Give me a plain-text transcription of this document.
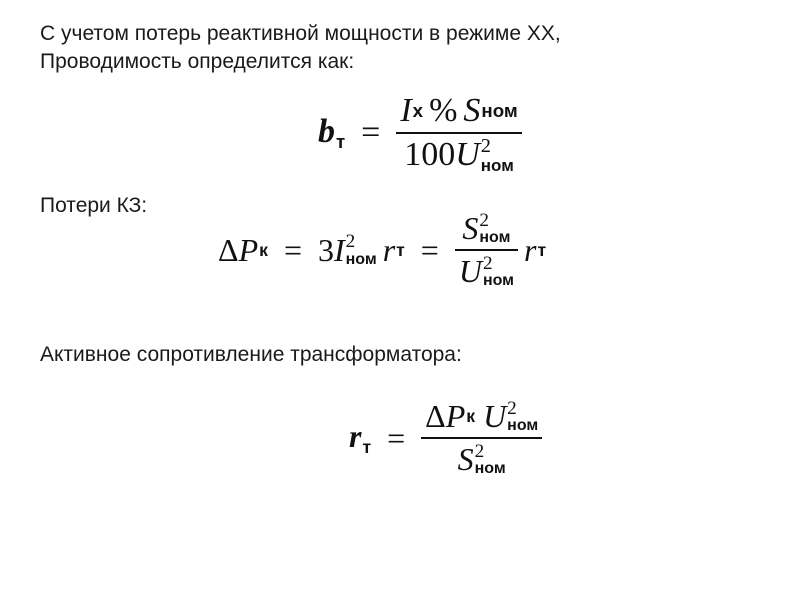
С учетом потерь реактивной мощности в режиме ХХ,

Проводимость определится как:

bт = I х % S ном
100 U 2
ном

Потери КЗ:

Δ P к = 3 I 2
ном r т = S 2
ном
U 2
ном r т

Активное сопротивление трансформатора:

rт = Δ P к U 2
ном
S 2
ном
